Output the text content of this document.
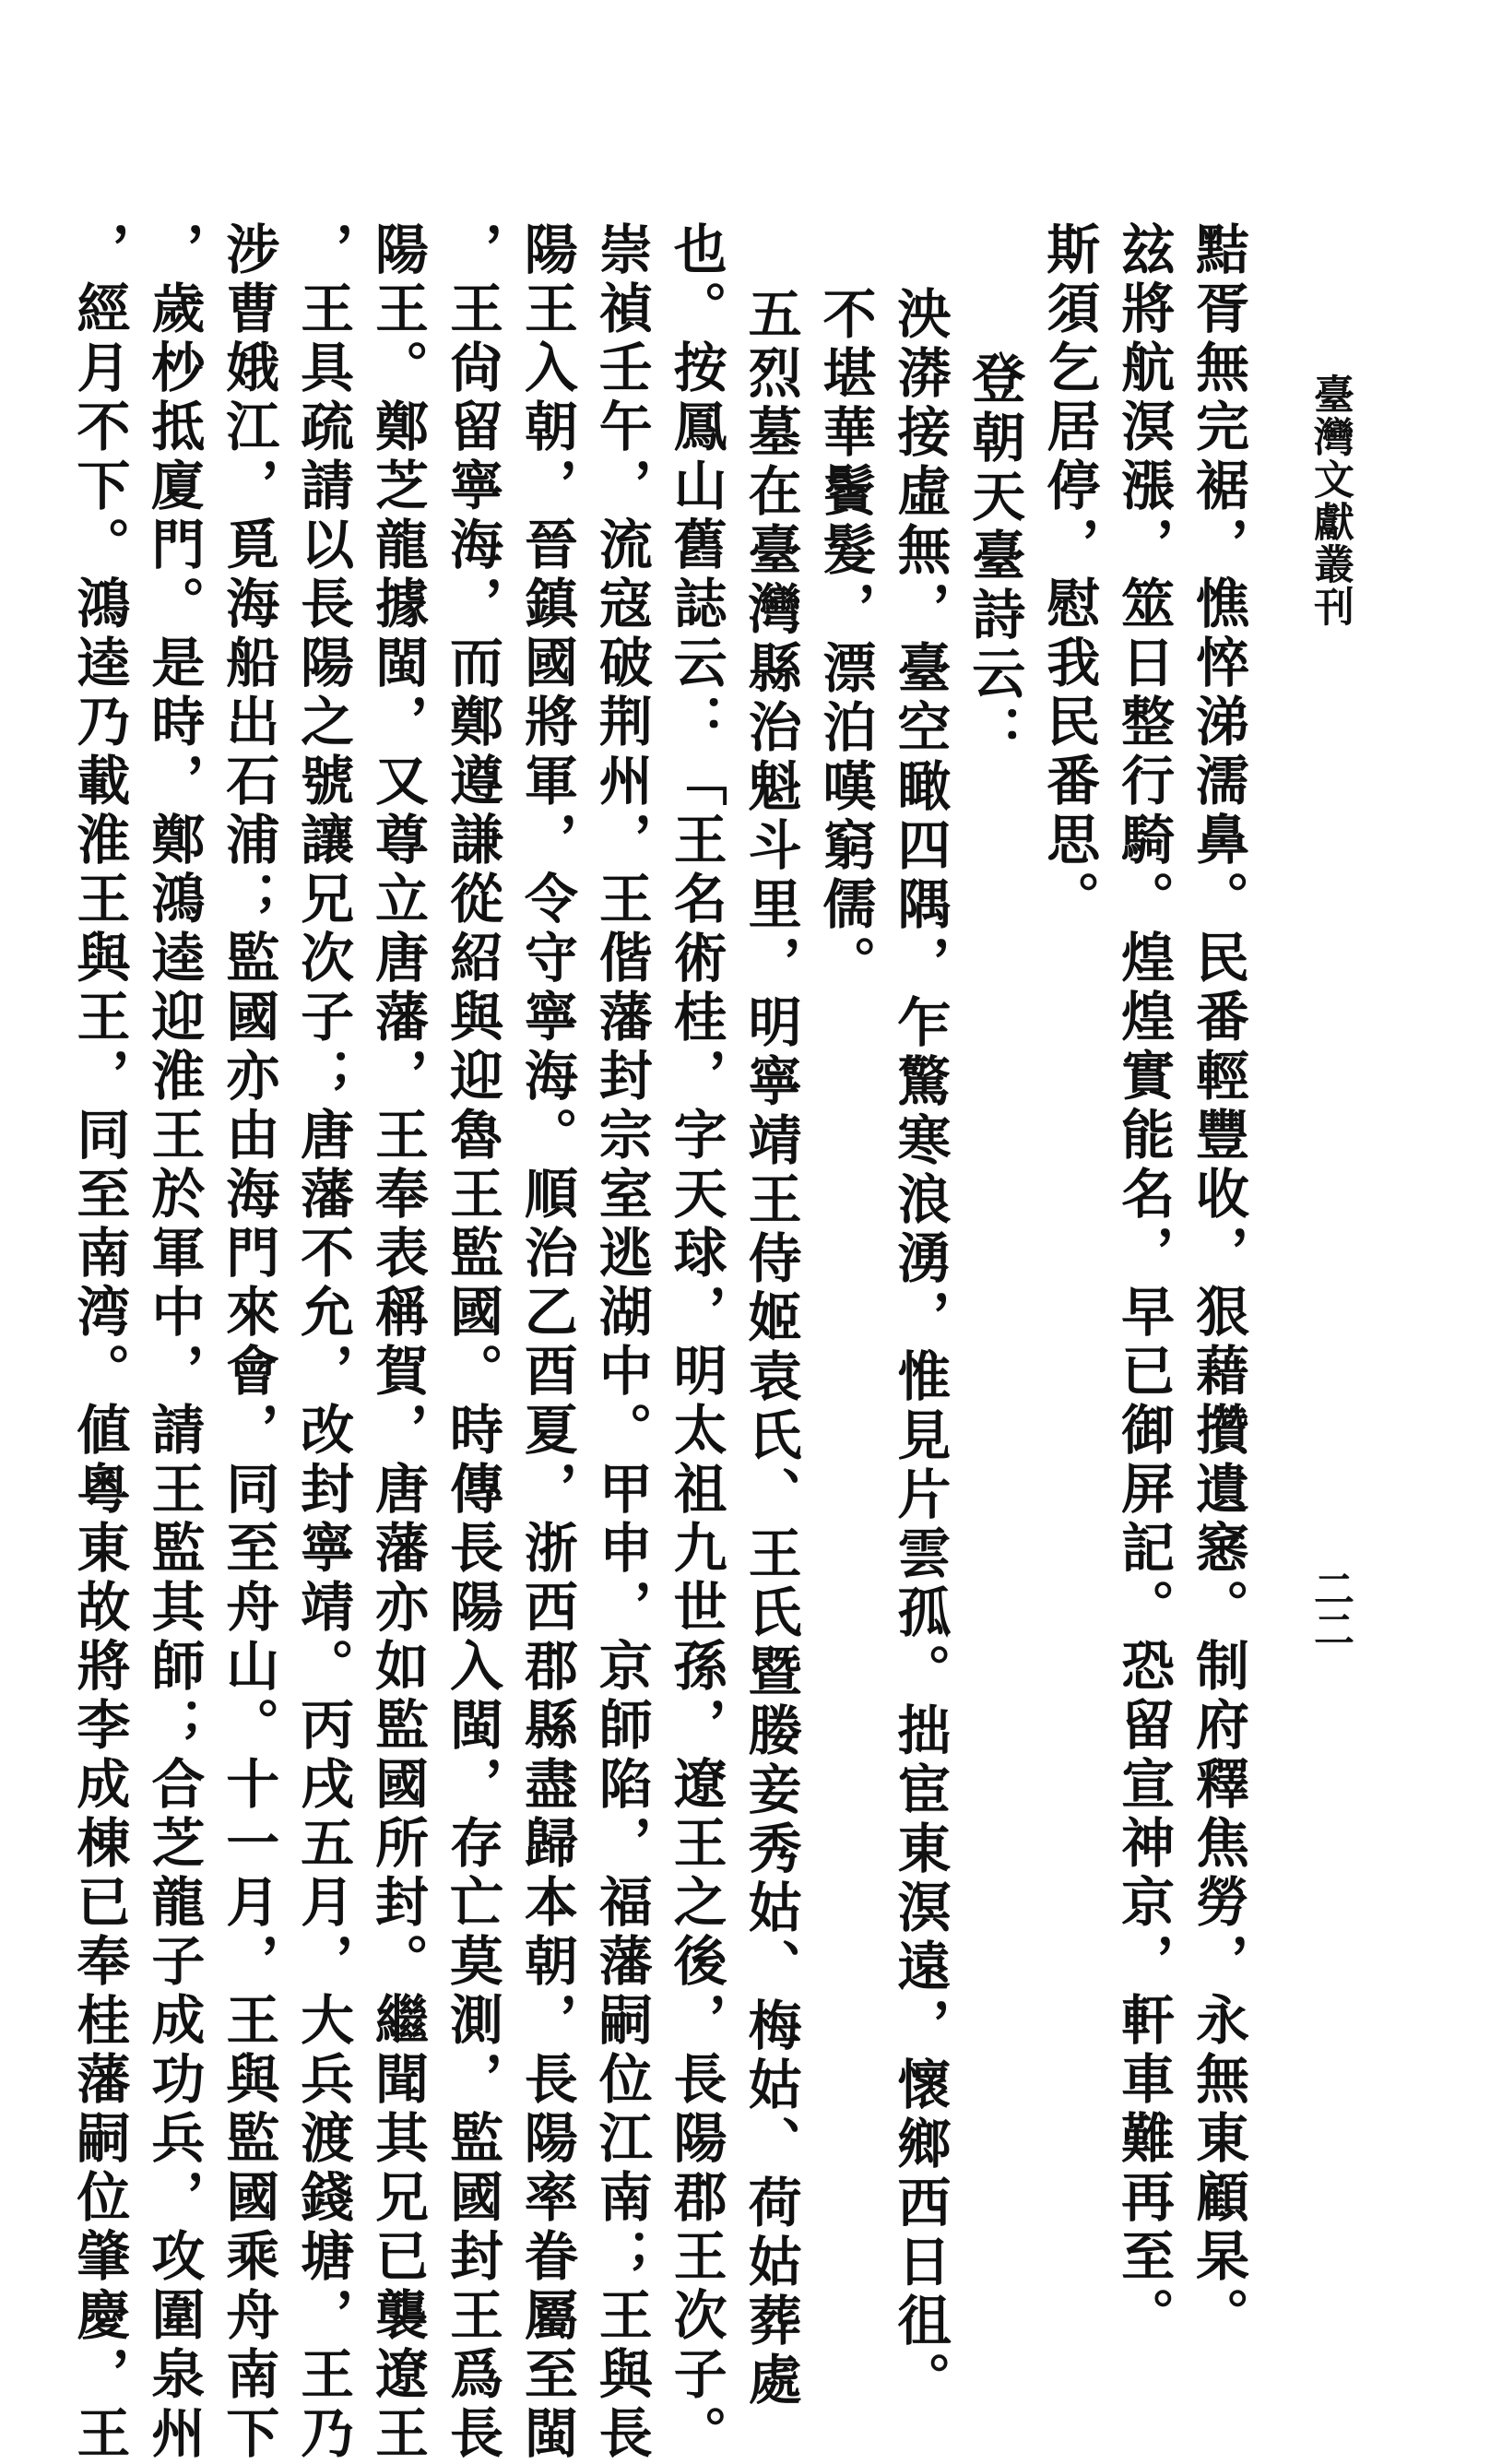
臺灣文獻叢刊
二二
黠胥無完裾，憔悴涕濡鼻。民番輕豐收，狠藉攢遺窸。制府釋焦勞，永無東顧杲。
玆將航溟漲，筮日整行騎。煌煌實能名，早已御屏記。恐留宣神京，軒車難再至。
斯須乞居停，慰我民番思。
登朝天臺詩云：
泱漭接虛無，臺空瞰四隅，乍驚寒浪湧，惟見片雲孤。拙宦東溟遠，懷鄉西日徂。
不堪華鬢髮，漂泊嘆窮儒。
五烈墓在臺灣縣治魁斗里，明寧靖王侍姬袁氏、王氏暨媵妾秀姑、梅姑、荷姑葬處
也。按鳳山舊誌云：「王名術桂，字天球，明太祖九世孫，遼王之後，長陽郡王次子。
崇禎壬午，流寇破荆州，王偕藩封宗室逃湖中。甲申，京師陷，福藩嗣位江南；王與長
陽王入朝，晉鎮國將軍，令守寧海。順治乙酉夏，浙西郡縣盡歸本朝，長陽率眷屬至閩
，王尙留寧海，而鄭遵謙從紹與迎魯王監國。時傳長陽入閩，存亡莫測，監國封王爲長
陽王。鄭芝龍據閩，又尊立唐藩，王奉表稱賀，唐藩亦如監國所封。繼聞其兄已襲遼王
，王具疏請以長陽之號讓兄次子；唐藩不允，改封寧靖。丙戌五月，大兵渡錢塘，王乃
涉曹娥江，覓海船出石浦；監國亦由海門來會，同至舟山。十一月，王與監國乘舟南下
，歲杪抵廈門。是時，鄭鴻逵迎淮王於軍中，請王監其師；合芝龍子成功兵，攻圍泉州
，經月不下。鴻逵乃載淮王與王，同至南湾。値粵東故將李成棟已奉桂藩嗣位肇慶，王
